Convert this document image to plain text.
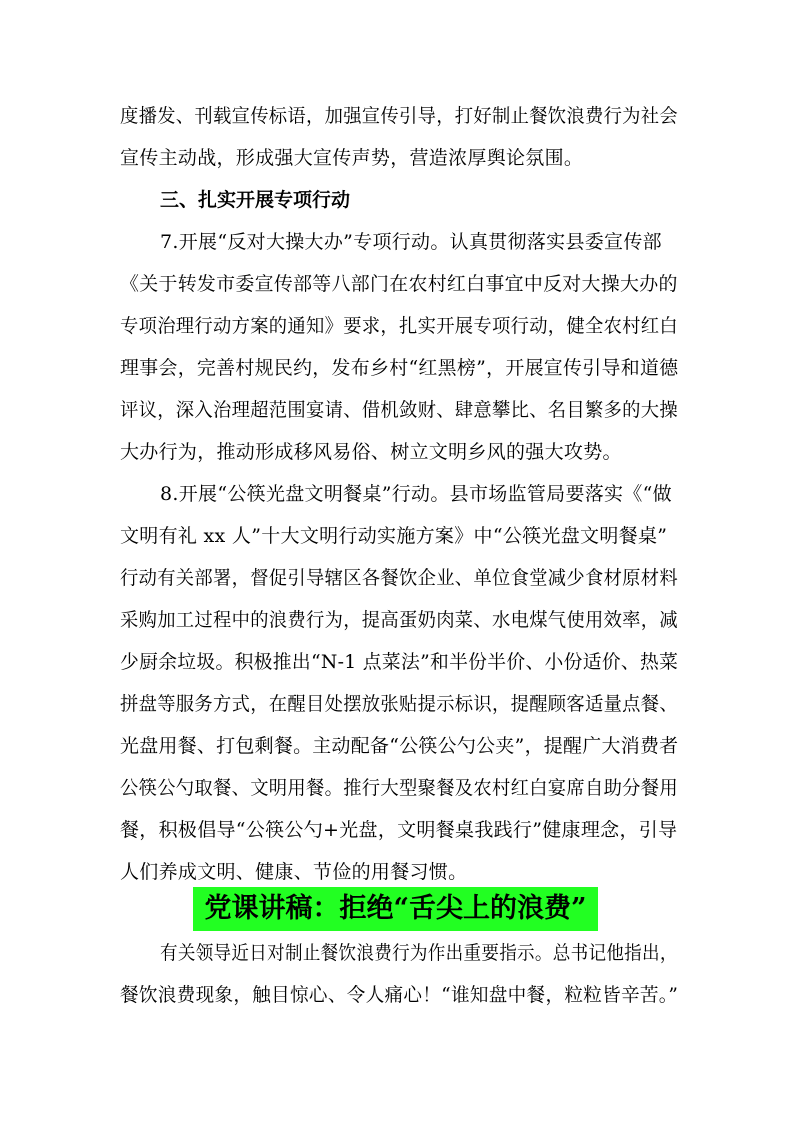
度播发、刊载宣传标语，加强宣传引导，打好制止餐饮浪费行为社会
宣传主动战，形成强大宣传声势，营造浓厚舆论氛围。
三、扎实开展专项行动
7.开展“反对大操大办”专项行动。认真贯彻落实县委宣传部
《关于转发市委宣传部等八部门在农村红白事宜中反对大操大办的
专项治理行动方案的通知》要求，扎实开展专项行动，健全农村红白
理事会，完善村规民约，发布乡村“红黑榜”，开展宣传引导和道德
评议，深入治理超范围宴请、借机敛财、肆意攀比、名目繁多的大操
大办行为，推动形成移风易俗、树立文明乡风的强大攻势。
8.开展“公筷光盘文明餐桌”行动。县市场监管局要落实《“做
文明有礼 xx 人”十大文明行动实施方案》中“公筷光盘文明餐桌”
行动有关部署，督促引导辖区各餐饮企业、单位食堂减少食材原材料
采购加工过程中的浪费行为，提高蛋奶肉菜、水电煤气使用效率，减
少厨余垃圾。积极推出“N-1 点菜法”和半份半价、小份适价、热菜
拼盘等服务方式，在醒目处摆放张贴提示标识，提醒顾客适量点餐、
光盘用餐、打包剩餐。主动配备“公筷公勺公夹”，提醒广大消费者
公筷公勺取餐、文明用餐。推行大型聚餐及农村红白宴席自助分餐用
餐，积极倡导“公筷公勺+光盘，文明餐桌我践行”健康理念，引导
人们养成文明、健康、节俭的用餐习惯。
党课讲稿：拒绝“舌尖上的浪费”
有关领导近日对制止餐饮浪费行为作出重要指示。总书记他指出，
餐饮浪费现象，触目惊心、令人痛心！“谁知盘中餐，粒粒皆辛苦。”
